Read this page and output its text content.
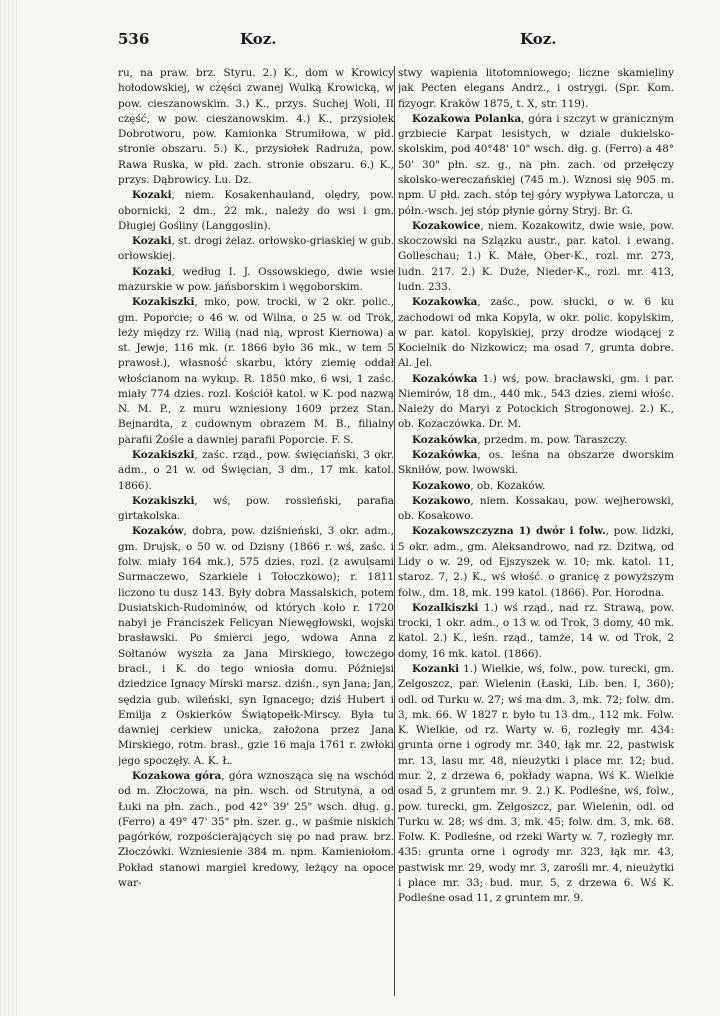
536	Koz.	Koz.

ru, na praw. brz. Styru. 2.) K., dom w Krowicy hołodowskiej, w części zwanej Wulką Krowicką, w pow. cieszanowskim. 3.) K., przys. Suchej Woli, II część, w pow. cieszanowskim. 4.) K., przysiołek Dobrotworu, pow. Kamionka Strumiłowa, w płd. stronie obszaru. 5.) K., przysiołek Radruża, pow. Rawa Ruska, w płd. zach. stronie obszaru. 6.) K., przys. Dąbrowicy. Lu. Dz.

Kozaki, niem. Kosakenhauland, olędry, pow. obornicki, 2 dm., 22 mk., należy do wsi i gm. Długiej Gośliny (Langgoslin).

Kozaki, st. drogi żelaz. orłowsko-griaskiej w gub. orłowskiej.

Kozaki, według I. J. Ossowskiego, dwie wsie mazurskie w pow. jańsborskim i węgoborskim.

Kozakiszki, mko, pow. trocki, w 2 okr. polic., gm. Poporcie; o 46 w. od Wilna, o 25 w. od Trok, leży między rz. Wilią (nad nią, wprost Kiernowa) a st. Jewje, 116 mk. (r. 1866 było 36 mk., w tem 5 prawosł.), własność skarbu, który ziemię oddał włościanom na wykup. R. 1850 mko, 6 wsi, 1 zaśc. miały 774 dzies. rozl. Kościół katol. w K. pod nazwą N. M. P., z muru wzniesiony 1609 przez Stan. Bejnardta, z cudownym obrazem M. B., filialny parafii Żośle a dawniej parafii Poporcie. F. S.

Kozakiszki, zaśc. rząd., pow. święciański, 3 okr. adm., o 21 w. od Święcian, 3 dm., 17 mk. katol. 1866).

Kozakiszki, wś, pow. rossieński, parafia girtakolska.

Kozaków, dobra, pow. dziśnieński, 3 okr. adm., gm. Drujsk, o 50 w. od Dzisny (1866 r. wś, zaśc. i folw. miały 164 mk.), 575 dzies. rozl. (z awulsami Surmaczewo, Szarkiele i Tołoczkowo); r. 1811 liczono tu dusz 143. Były dobra Massalskich, potem Dusiatskich-Rudominów, od których koło r. 1720 nabył je Franciszek Felicyan Niewęgłowski, wojski brasławski. Po śmierci jego, wdowa Anna z Sołtanów wyszła za Jana Mirskiego, łowczego bracł., i K. do tego wniosła domu. Późniejsi dziedzice Ignacy Mirski marsz. dziśn., syn Jana; Jan, sędzia gub. wileński, syn Ignacego; dziś Hubert i Emilja z Oskierków Świątopełk-Mirscy. Była tu dawniej cerkiew unicka, założona przez Jana Mirskiego, rotm. brasł., gzie 16 maja 1761 r. zwłoki jego spoczęły. A. K. Ł.

Kozakowa góra, góra wznosząca się na wschód od m. Złoczowa, na płn. wsch. od Strutyna, a od Łuki na płn. zach., pod 42° 39' 25" wsch. dług. g. (Ferro) a 49° 47' 35" płn. szer. g., w paśmie niskich pagórków, rozpościerających się po nad praw. brz. Złoczówki. Wzniesienie 384 m. npm. Kamieniołom. Pokład stanowi margiel kredowy, leżący na opoce war-

stwy wapienia litotomniowego; liczne skamieliny jak Pecten elegans Andrz., i ostrygi. (Spr. Kom. fizyogr. Kraków 1875, t. X, str. 119).

Kozakowa Polanka, góra i szczyt w granicznym grzbiecie Karpat lesistych, w dziale dukielsko-skolskim, pod 40°48' 10" wsch. dłg. g. (Ferro) a 48° 50' 30" płn. sz. g., na płn. zach. od przełęczy skolsko-wereczańskiej (745 m.). Wznosi się 905 m. npm. U płd. zach. stóp tej góry wypływa Latorcza, u półn.-wsch. jej stóp płynie górny Stryj. Br. G.

Kozakowice, niem. Kozakowitz, dwie wsie, pow. skoczowski na Szlązku austr., par. katol. i ewang. Golleschau; 1.) K. Małe, Ober-K., rozl. mr. 273, ludn. 217. 2.) K. Duże, Nieder-K., rozl. mr. 413, ludn. 233.

Kozakowka, zaśc., pow. słucki, o w. 6 ku zachodowi od mka Kopyla, w okr. polic. kopylskim, w par. katol. kopylskiej, przy drodze wiodącej z Kocielnik do Nizkowicz; ma osad 7, grunta dobre. Al. Jel.

Kozakówka 1.) wś, pow. bracławski, gm. i par. Niemirów, 18 dm., 440 mk., 543 dzies. ziemi włośc. Należy do Maryi z Potockich Strogonowej. 2.) K., ob. Kozaczówka. Dr. M.

Kozakówka, przedm. m. pow. Taraszczy.

Kozakówka, os. leśna na obszarze dworskim Skniłów, pow. lwowski.

Kozakowo, ob. Kozaków.

Kozakowo, niem. Kossakau, pow. wejherowski, ob. Kosakowo.

Kozakowszczyzna 1) dwór i folw., pow. lidzki, 5 okr. adm., gm. Aleksandrowo, nad rz. Dzitwą, od Lidy o w. 29, od Ejszyszek w. 10; mk. katol. 11, staroz. 7, 2.) K., wś włość. o granicę z powyższym folw., dm. 18, mk. 199 katol. (1866). Por. Horodna.

Kozalkiszki 1.) wś rząd., nad rz. Strawą, pow. trocki, 1 okr. adm., o 13 w. od Trok, 3 domy, 40 mk. katol. 2.) K., leśn. rząd., tamże, 14 w. od Trok, 2 domy, 16 mk. katol. (1866).

Kozanki 1.) Wielkie, wś, folw., pow. turecki, gm. Zelgoszcz, par. Wielenin (Łaski, Lib. ben. I, 360); odl. od Turku w. 27; wś ma dm. 3, mk. 72; folw. dm. 3, mk. 66. W 1827 r. było tu 13 dm., 112 mk. Folw. K. Wielkie, od rz. Warty w. 6, rozległy mr. 434: grunta orne i ogrody mr. 340, łąk mr. 22, pastwisk mr. 13, lasu mr. 48, nieużytki i place mr. 12; bud. mur. 2, z drzewa 6, pokłady wapna. Wś K. Wielkie osad 5, z gruntem mr. 9. 2.) K. Podleśne, wś, folw., pow. turecki, gm. Zelgoszcz, par. Wielenin, odl. od Turku w. 28; wś dm. 3, mk. 45; folw. dm. 3, mk. 68. Folw. K. Podleśne, od rzeki Warty w. 7, rozległy mr. 435: grunta orne i ogrody mr. 323, łąk mr. 43, pastwisk mr. 29, wody mr. 3, zarośli mr. 4, nieużytki i place mr. 33; bud. mur. 5, z drzewa 6. Wś K. Podleśne osad 11, z gruntem mr. 9.
